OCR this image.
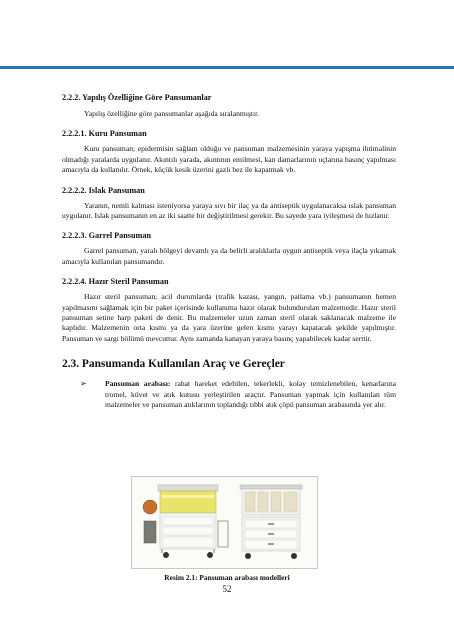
2.2.2. Yapılış Özelliğine Göre Pansumanlar

Yapılış özelliğine göre pansumanlar aşağıda sıralanmıştır.

2.2.2.1. Kuru Pansuman

Kuru pansuman; epidermisin sağlam olduğu ve pansuman malzemesinin yaraya yapışma ihtimalinin olmadığı yaralarda uygulanır. Akıntılı yarada, akıntının emilmesi, kan damarlarının uçlarına basınç yapılması amacıyla da kullanılır. Örnek, küçük kesik üzerini gazlı bez ile kapatmak vb.

2.2.2.2. Islak Pansuman

Yaranın, nemli kalması isteniyorsa yaraya sıvı bir ilaç ya da antiseptik uygulanacaksa ıslak pansuman uygulanır. Islak pansumanın en az iki saatte bir değiştirilmesi gerekir. Bu sayede yara iyileşmesi de hızlanır.

2.2.2.3. Garrel Pansuman

Garrel pansuman, yaralı bölgeyi devamlı ya da belirli aralıklarla uygun antiseptik veya ilaçla yıkamak amacıyla kullanılan pansumandır.

2.2.2.4. Hazır Steril Pansuman

Hazır steril pansuman; acil durumlarda (trafik kazası, yangın, patlama vb.) pansumanın hemen yapılmasını sağlamak için bir paket içerisinde kullanıma hazır olarak bulundurulan malzemedir. Hazır steril pansuman setine harp paketi de denir. Bu malzemeler uzun zaman steril olarak saklanacak malzeme ile kaplıdır. Malzemenin orta kısmı ya da yara üzerine gelen kısmı yarayı kapatacak şekilde yapılmıştır. Pansuman ve sargı bölümü mevcuttur. Aynı zamanda kanayan yaraya basınç yapabilecek kadar serttir.

2.3. Pansumanda Kullanılan Araç ve Gereçler
➢ Pansuman arabası: rahat hareket edebilen, tekerlekli, kolay temizlenebilen, kenarlarına tromel, küvet ve atık kutusu yerleştirilen araçtır. Pansuman yapmak için kullanılan tüm malzemeler ve pansuman atıklarının toplandığı tıbbi atık çöpü pansuman arabasında yer alır.
Resim 2.1: Pansuman arabası modelleri
52
